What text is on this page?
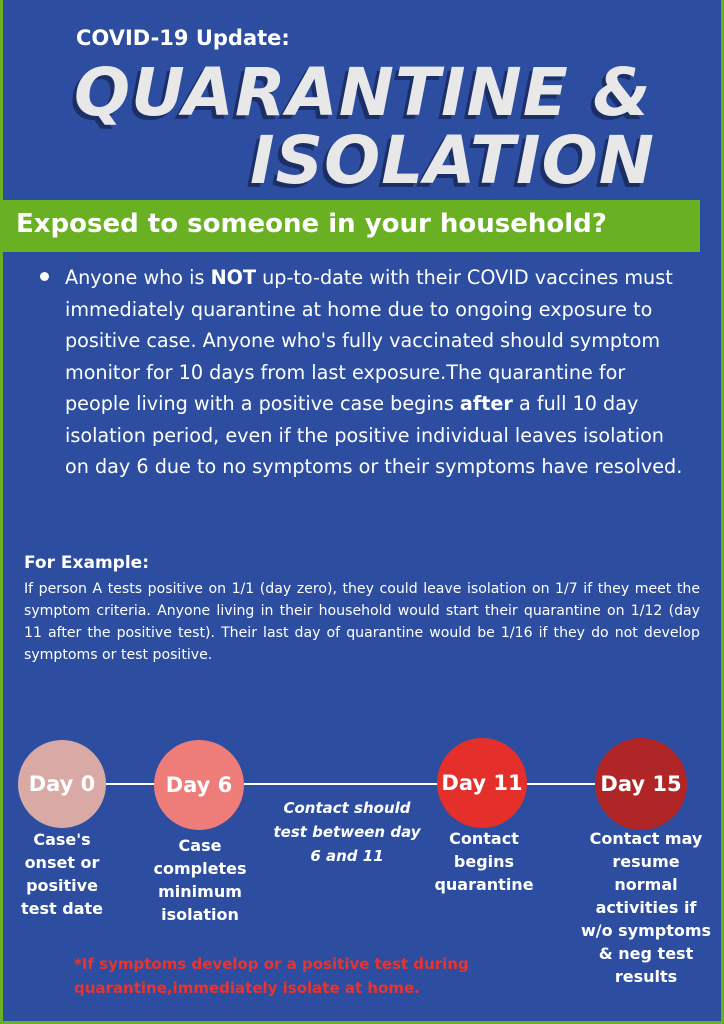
COVID-19 Update:
QUARANTINE &
ISOLATION
Exposed to someone in your household?
Anyone who is NOT up-to-date with their COVID vaccines must immediately quarantine at home due to ongoing exposure to positive case. Anyone who's fully vaccinated should symptom monitor for 10 days from last exposure.The quarantine for people living with a positive case begins after a full 10 day isolation period, even if the positive individual leaves isolation on day 6 due to no symptoms or their symptoms have resolved.
For Example:
If person A tests positive on 1/1 (day zero), they could leave isolation on 1/7 if they meet the symptom criteria. Anyone living in their household would start their quarantine on 1/12 (day 11 after the positive test). Their last day of quarantine would be 1/16 if they do not develop symptoms or test positive.
Day 0	Day 6	Day 11	Day 15
Case's onset or positive test date
Case completes minimum isolation
Contact begins quarantine
Contact may resume normal activities if w/o symptoms & neg test results
Contact should test between day 6 and 11
*If symptoms develop or a positive test during quarantine,immediately isolate at home.
